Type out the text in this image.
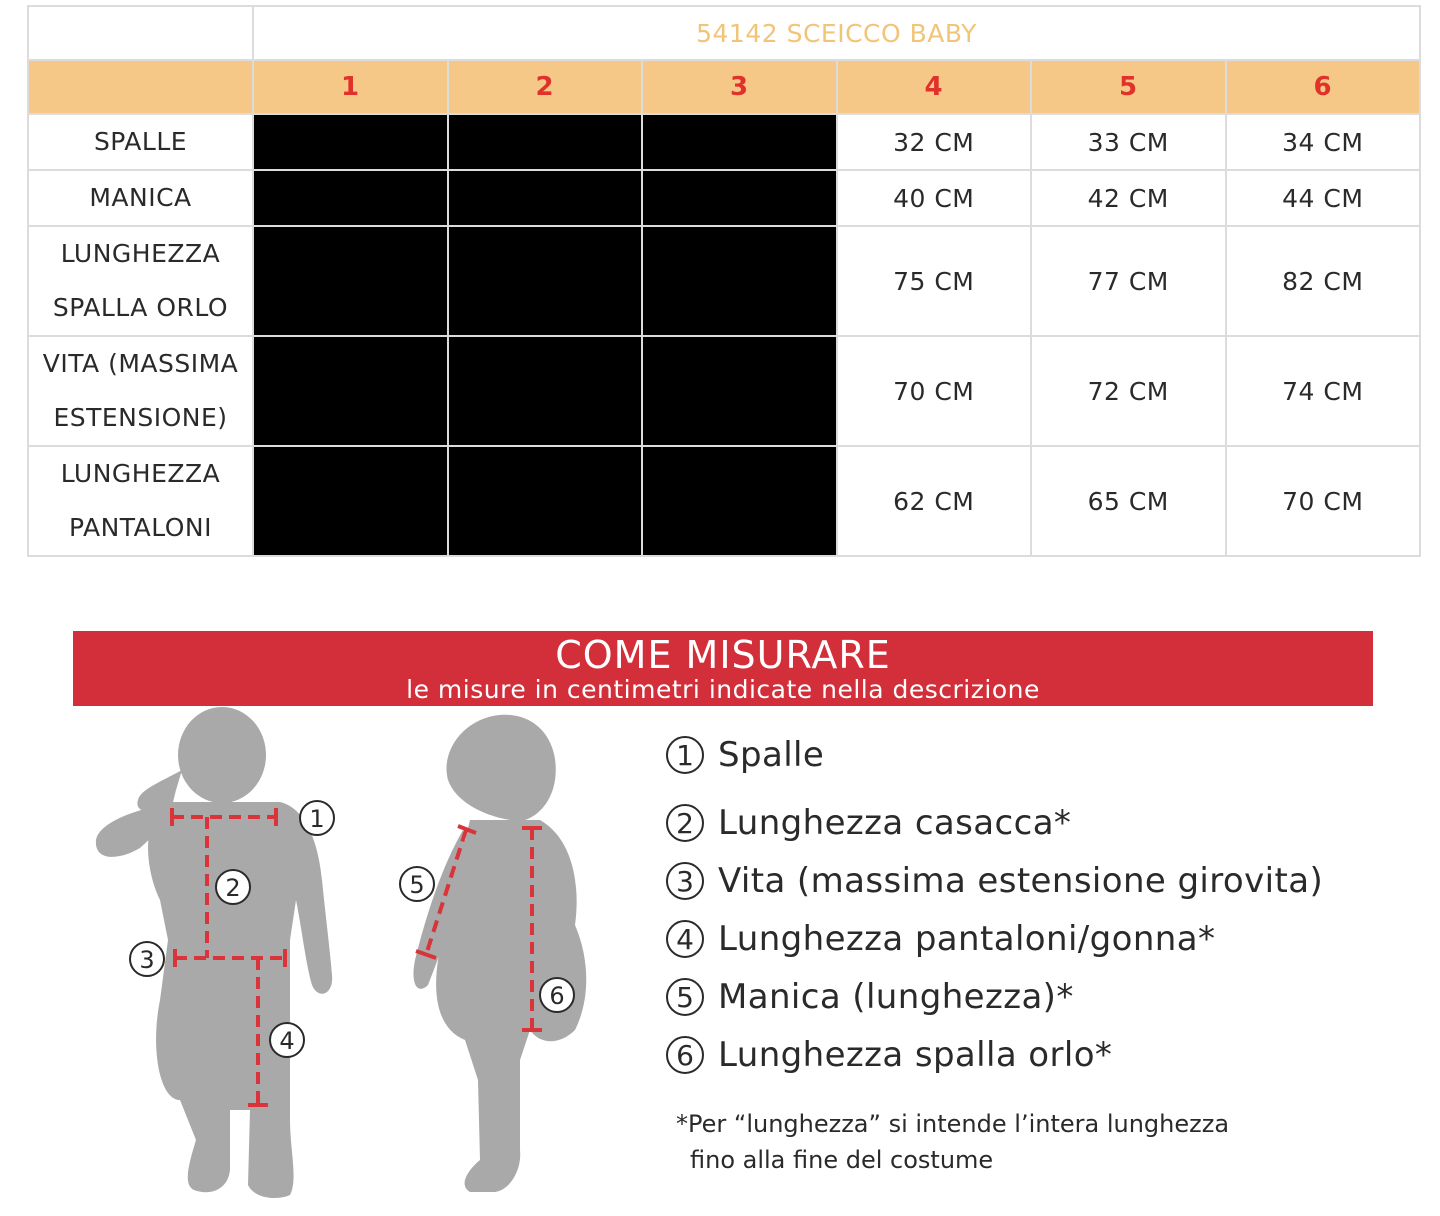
	54142 SCEICCO BABY					
	1	2	3	4	5	6
SPALLE				32 CM	33 CM	34 CM
MANICA				40 CM	42 CM	44 CM
LUNGHEZZA
SPALLA ORLO				75 CM	77 CM	82 CM
VITA (MASSIMA
ESTENSIONE)				70 CM	72 CM	74 CM
LUNGHEZZA
PANTALONI				62 CM	65 CM	70 CM
COME MISURARE
le misure in centimetri indicate nella descrizione
1
2
3
4
5
6
1 Spalle
2 Lunghezza casacca*
3 Vita (massima estensione girovita)
4 Lunghezza pantaloni/gonna*
5 Manica (lunghezza)*
6 Lunghezza spalla orlo*
*Per “lunghezza” si intende l’intera lunghezza
fino alla fine del costume
